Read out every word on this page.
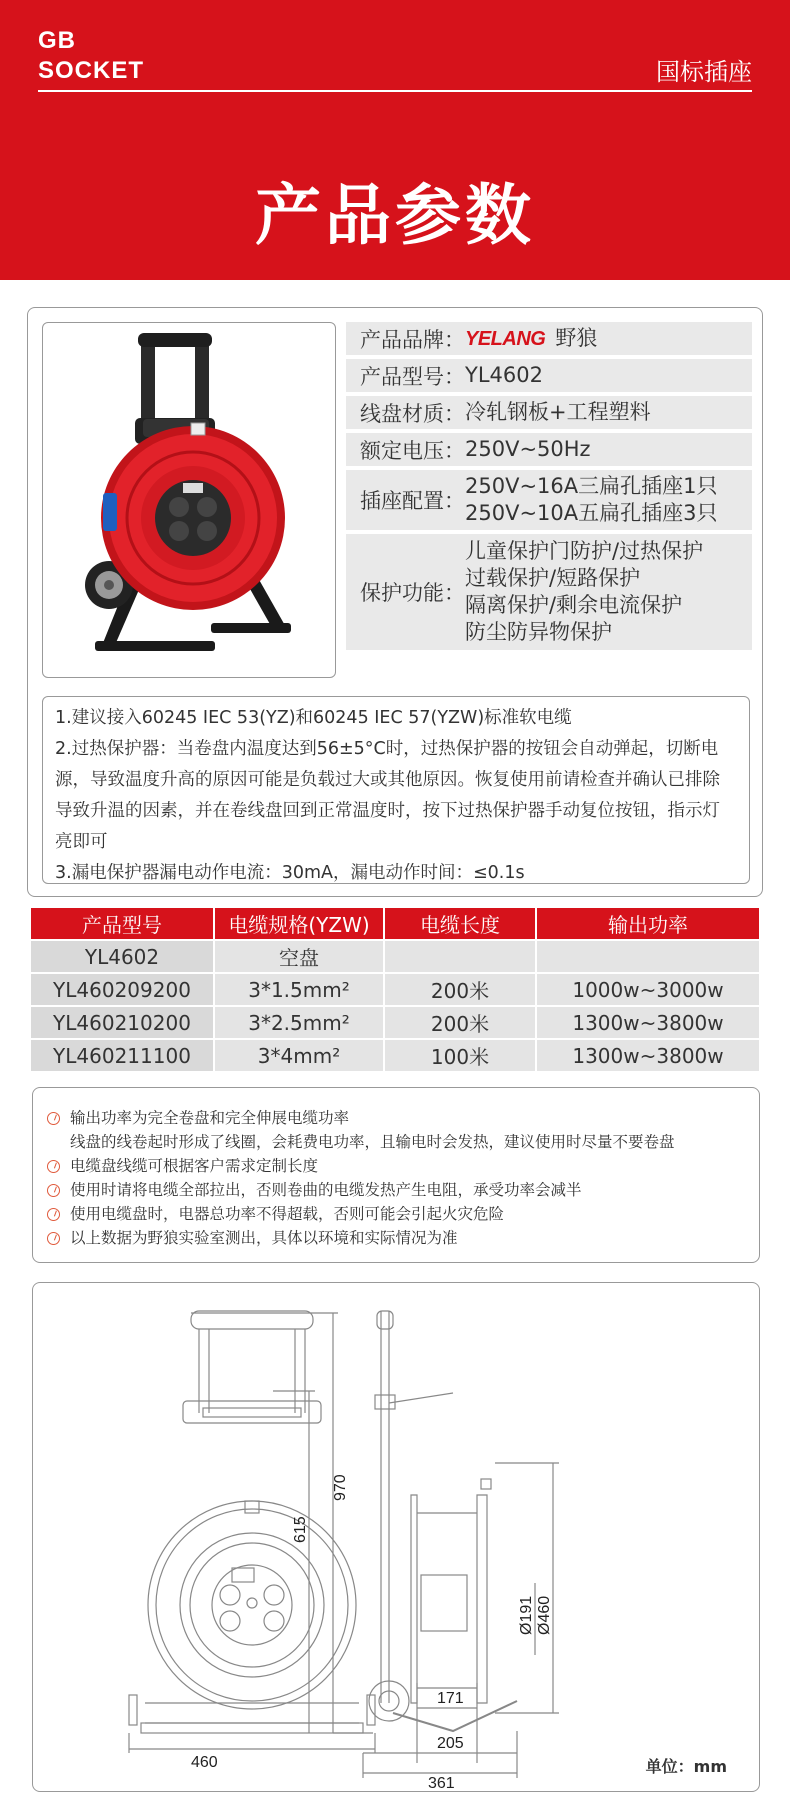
GB
SOCKET	国标插座
产品参数
产品品牌： YELANG 野狼
产品型号： YL4602
线盘材质： 冷轧钢板+工程塑料
额定电压： 250V~50Hz
插座配置：
250V~16A三扁孔插座1只
250V~10A五扁孔插座3只
保护功能：
儿童保护门防护/过热保护
过载保护/短路保护
隔离保护/剩余电流保护
防尘防异物保护
1.建议接入60245 IEC 53(YZ)和60245 IEC 57(YZW)标准软电缆
2.过热保护器：当卷盘内温度达到56±5°C时，过热保护器的按钮会自动弹起，切断电源，导致温度升高的原因可能是负载过大或其他原因。恢复使用前请检查并确认已排除导致升温的因素，并在卷线盘回到正常温度时，按下过热保护器手动复位按钮，指示灯亮即可
3.漏电保护器漏电动作电流：30mA，漏电动作时间：≤0.1s
产品型号	电缆规格(YZW)	电缆长度	输出功率
YL4602	空盘		
YL460209200	3*1.5mm²	200米	1000w~3000w
YL460210200	3*2.5mm²	200米	1300w~3800w
YL460211100	3*4mm²	100米	1300w~3800w
输出功率为完全卷盘和完全伸展电缆功率
线盘的线卷起时形成了线圈，会耗费电功率，且输电时会发热，建议使用时尽量不要卷盘
电缆盘线缆可根据客户需求定制长度
使用时请将电缆全部拉出，否则卷曲的电缆发热产生电阻，承受功率会减半
使用电缆盘时，电器总功率不得超载，否则可能会引起火灾危险
以上数据为野狼实验室测出，具体以环境和实际情况为准
970
615
460
Ø191 Ø460
171
205
361
单位：mm
